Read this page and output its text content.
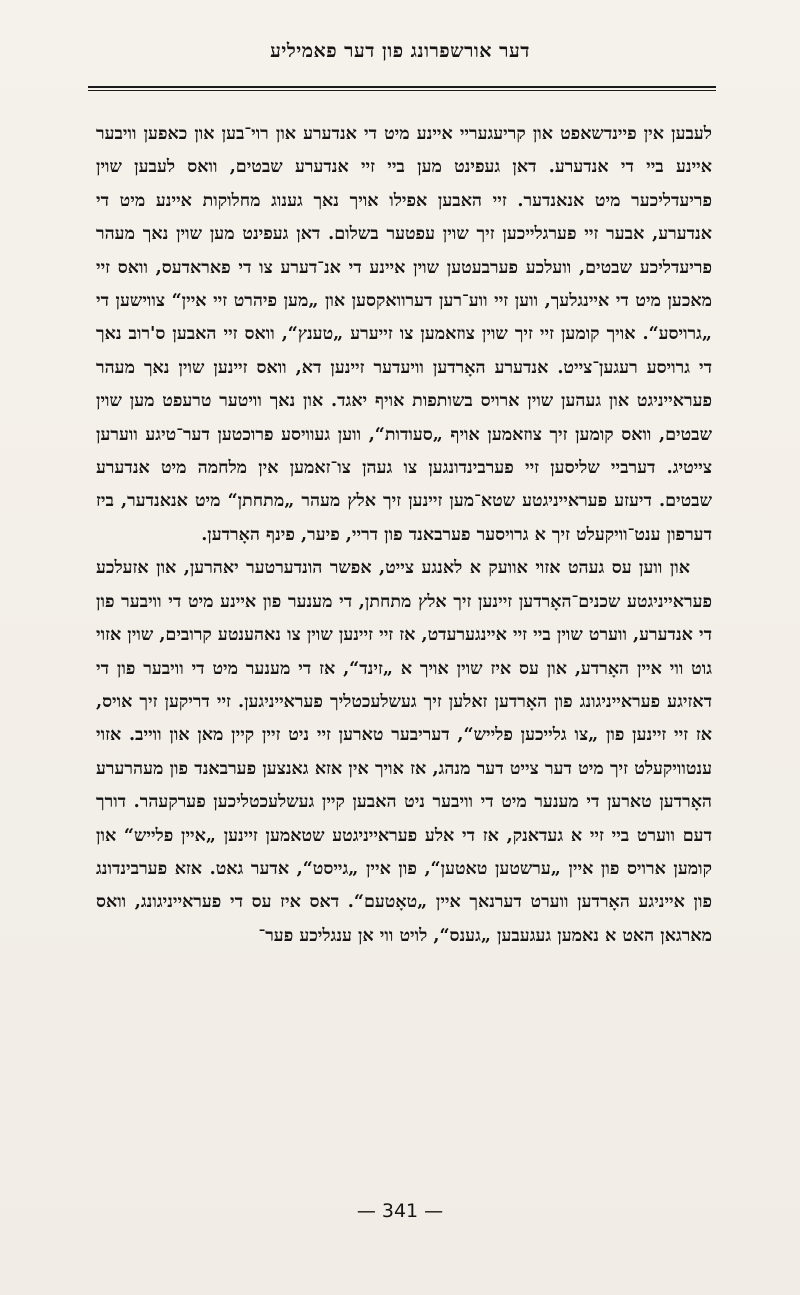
דער אורשפרונג פון דער פאמיליע

לעבען אין פיינדשאפט און קריעגעריי איינע מיט די אנדערע און רוי־בען און כאפען וויבער איינע ביי די אנדערע. דאן געפינט מען ביי זיי אנדערע שבטים, וואס לעבען שוין פריעדליכער מיט אנאנדער. זיי האבען אפילו אויך נאך גענוג מחלוקות איינע מיט די אנדערע, אבער זיי פערגלייכען זיך שוין עפטער בשלום. דאן געפינט מען שוין נאך מעהר פריעדליכע שבטים, וועלכע פערבעטען שוין איינע די אנ־דערע צו די פאראדעס, וואס זיי מאכען מיט די איינגלעך, ווען זיי ווע־רען דערוואקסען און „מען פיהרט זיי איין“ צווישען די „גרויסע“. אויך קומען זיי זיך שוין צוזאמען צו זייערע „טענץ“, וואס זיי האבען ס'רוב נאך די גרויסע רעגען־צייט. אנדערע האָרדען וויעדער זיינען דא, וואס זיינען שוין נאך מעהר פעראייניגט און געהען שוין ארויס בשותפות אויף יאגד. און נאך וויטער טרעפט מען שוין שבטים, וואס קומען זיך צוזאמען אויף „סעודות“, ווען געוויסע פרוכטען דער־טיגע ווערען צייטיג. דערביי שליסען זיי פערבינדונגען צו געהן צו־זאמען אין מלחמה מיט אנדערע שבטים. דיעזע פעראייניגטע שטא־מען זיינען זיך אלץ מעהר „מתחתן“ מיט אנאנדער, ביז דערפון ענט־וויקעלט זיך א גרויסער פערבאנד פון דריי, פיער, פינף האָרדען.

און ווען עס געהט אזוי אוועק א לאנגע צייט, אפשר הונדערטער יאהרען, און אזעלכע פעראייניגטע שכנים־האָרדען זיינען זיך אלץ מתחתן, די מענער פון איינע מיט די וויבער פון די אנדערע, ווערט שוין ביי זיי איינגערעדט, אז זיי זיינען שוין צו נאהענטע קרובים, שוין אזוי גוט ווי איין האָרדע, און עס איז שוין אויך א „זינד“, אז די מענער מיט די וויבער פון די דאזיגע פעראייניגונג פון האָרדען זאלען זיך געשלעכטליך פעראייניגען. זיי דריקען זיך אויס, אז זיי זיינען פון „צו גלייכען פלייש“, דעריבער טארען זיי ניט זיין קיין מאן און ווייב. אזוי ענטוויקעלט זיך מיט דער צייט דער מנהג, אז אויך אין אזא גאנצען פערבאנד פון מעהרערע האָרדען טארען די מענער מיט די וויבער ניט האבען קיין געשלעכטליכען פערקעהר. דורך דעם ווערט ביי זיי א געדאנק, אז די אלע פעראייניגטע שטאמען זיינען „איין פלייש“ און קומען ארויס פון איין „ערשטען טאטען“, פון איין „גייסט“, אדער גאט. אזא פערבינדונג פון אייניגע האָרדען ווערט דערנאך איין „טאָטעם“. דאס איז עס די פעראייניגונג, וואס מארגאן האט א נאמען געגעבען „גענס“, לויט ווי אן ענגליכע פער־

— 341 —
